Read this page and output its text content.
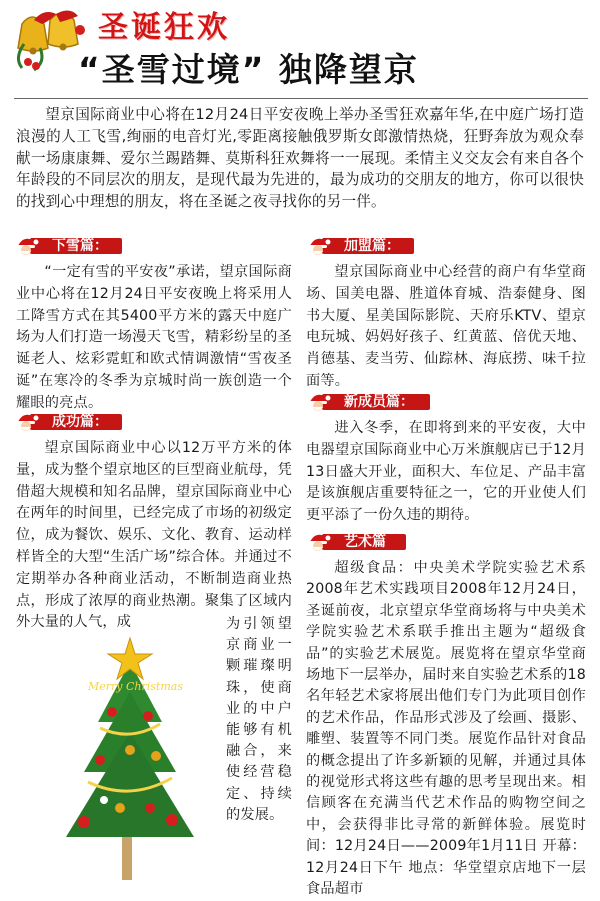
圣诞狂欢
“圣雪过境” 独降望京

望京国际商业中心将在12月24日平安夜晚上举办圣雪狂欢嘉年华,在中庭广场打造浪漫的人工飞雪,绚丽的电音灯光,零距离接触俄罗斯女郎激情热烧，狂野奔放为观众奉献一场康康舞、爱尔兰踢踏舞、莫斯科狂欢舞将一一展现。柔情主义交友会有来自各个年龄段的不同层次的朋友，是现代最为先进的，最为成功的交朋友的地方，你可以很快的找到心中理想的朋友，将在圣诞之夜寻找你的另一伴。

下雪篇：

“一定有雪的平安夜”承诺，望京国际商业中心将在12月24日平安夜晚上将采用人工降雪方式在其5400平方米的露天中庭广场为人们打造一场漫天飞雪，精彩纷呈的圣诞老人、炫彩霓虹和欧式情调激情“雪夜圣诞”在寒冷的冬季为京城时尚一族创造一个耀眼的亮点。

成功篇：

望京国际商业中心以12万平方米的体量，成为整个望京地区的巨型商业航母，凭借超大规模和知名品牌，望京国际商业中心在两年的时间里，已经完成了市场的初级定位，成为餐饮、娱乐、文化、教育、运动样样皆全的大型“生活广场”综合体。并通过不定期举办各种商业活动，不断制造商业热点，形成了浓厚的商业热潮。聚集了区域内外大量的人气，成	为引领望京商业一颗璀璨明珠，使商业的中户能够有机融合，来使经营稳定、持续的发展。

Merry Christmas
加盟篇：

望京国际商业中心经营的商户有华堂商场、国美电器、胜道体育城、浩泰健身、图书大厦、星美国际影院、天府乐KTV、望京电玩城、妈妈好孩子、红黄蓝、倍优天地、肖德基、麦当劳、仙踪林、海底捞、味千拉面等。

新成员篇：

进入冬季，在即将到来的平安夜，大中电器望京国际商业中心万米旗舰店已于12月13日盛大开业，面积大、车位足、产品丰富是该旗舰店重要特征之一，它的开业使人们更平添了一份久违的期待。

艺术篇

超级食品：中央美术学院实验艺术系2008年艺术实践项目2008年12月24日，圣诞前夜，北京望京华堂商场将与中央美术学院实验艺术系联手推出主题为“超级食品”的实验艺术展览。展览将在望京华堂商场地下一层举办，届时来自实验艺术系的18名年轻艺术家将展出他们专门为此项目创作的艺术作品，作品形式涉及了绘画、摄影、雕塑、装置等不同门类。展览作品针对食品的概念提出了许多新颖的见解，并通过具体的视觉形式将这些有趣的思考呈现出来。相信顾客在充满当代艺术作品的购物空间之中，会获得非比寻常的新鲜体验。展览时间：12月24日——2009年1月11日 开幕：12月24日下午 地点：华堂望京店地下一层食品超市
